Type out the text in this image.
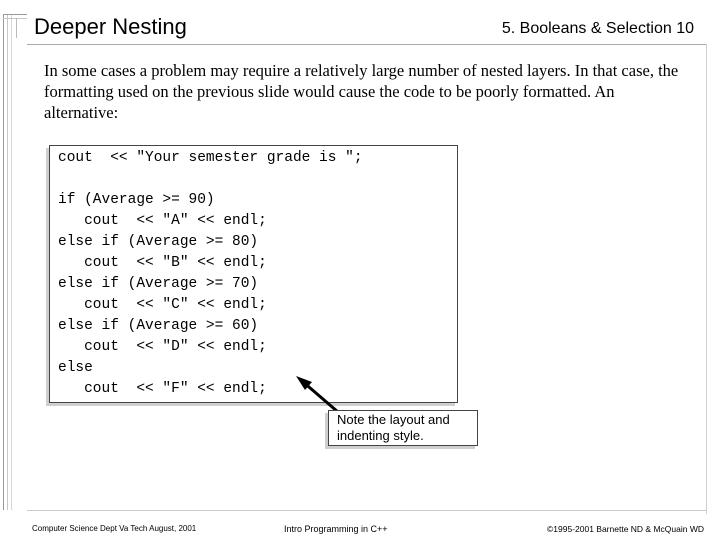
Deeper Nesting	5. Booleans & Selection 10
In some cases a problem may require a relatively large number of nested layers. In that case, the formatting used on the previous slide would cause the code to be poorly formatted. An alternative:
cout  << "Your semester grade is ";

if (Average >= 90)
cout  << "A" << endl;
else if (Average >= 80)
cout  << "B" << endl;
else if (Average >= 70)
cout  << "C" << endl;
else if (Average >= 60)
cout  << "D" << endl;
else
cout  << "F" << endl;
Note the layout and indenting style.
Computer Science Dept Va Tech August, 2001	Intro Programming in C++	©1995-2001 Barnette ND & McQuain WD
